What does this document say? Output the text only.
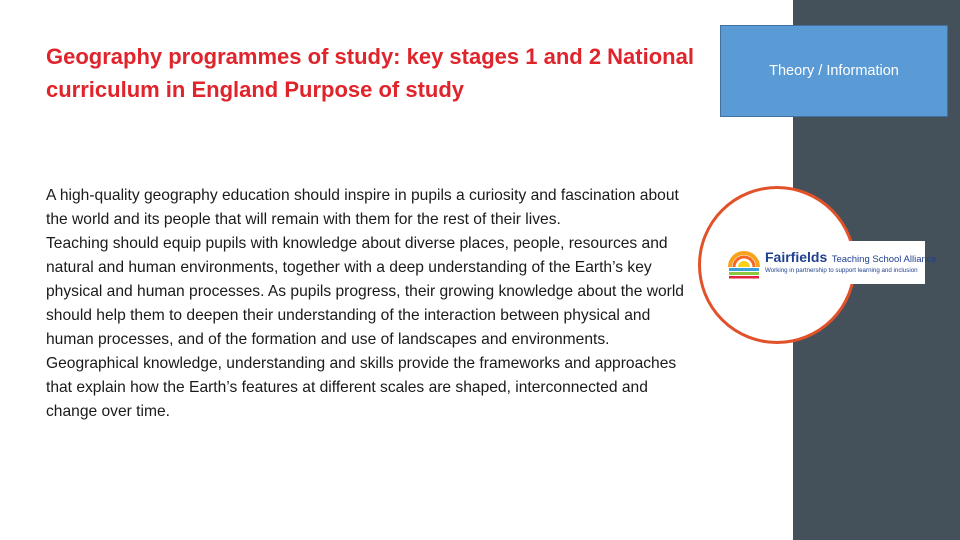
Geography programmes of study: key stages 1 and 2 National curriculum in England Purpose of study

A high-quality geography education should inspire in pupils a curiosity and fascination about the world and its people that will remain with them for the rest of their lives.

Teaching should equip pupils with knowledge about diverse places, people, resources and natural and human environments, together with a deep understanding of the Earth’s key physical and human processes. As pupils progress, their growing knowledge about the world should help them to deepen their understanding of the interaction between physical and human processes, and of the formation and use of landscapes and environments.

Geographical knowledge, understanding and skills provide the frameworks and approaches that explain how the Earth’s features at different scales are shaped, interconnected and change over time.

Theory / Information
Fairfields Teaching School Alliance
Working in partnership to support learning and inclusion
